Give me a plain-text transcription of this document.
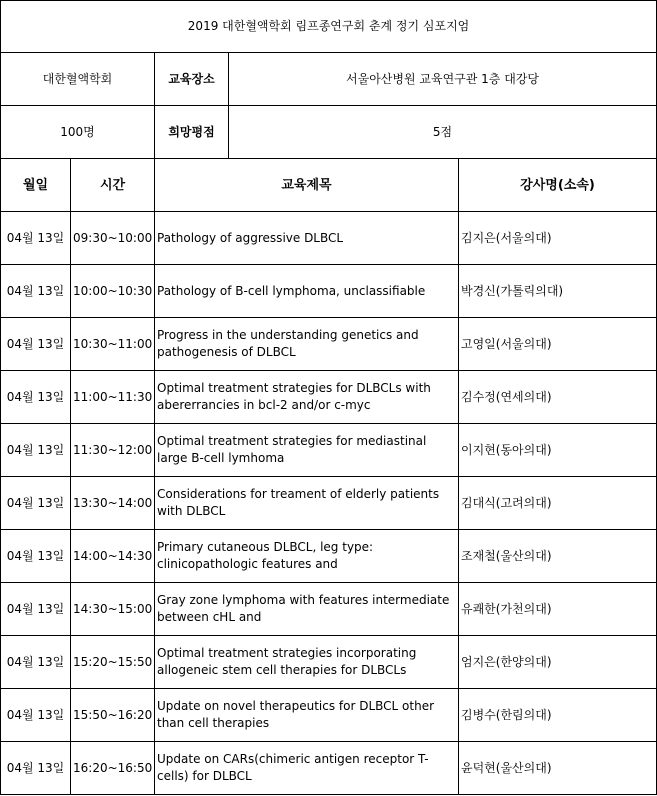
2019 대한혈액학회 림프종연구회 춘계 정기 심포지엄				
대한혈액학회		교육장소	서울아산병원 교육연구관 1층 대강당	
100명		희망평점	5점	
월일	시간	교육제목		강사명(소속)
04월 13일	09:30~10:00	Pathology of aggressive DLBCL		김지은(서울의대)
04월 13일	10:00~10:30	Pathology of B-cell lymphoma, unclassifiable		박경신(가톨릭의대)
04월 13일	10:30~11:00	Progress in the understanding genetics and pathogenesis of DLBCL		고영일(서울의대)
04월 13일	11:00~11:30	Optimal treatment strategies for DLBCLs with abererrancies in bcl-2 and/or c-myc		김수정(연세의대)
04월 13일	11:30~12:00	Optimal treatment strategies for mediastinal large B-cell lymhoma		이지현(동아의대)
04월 13일	13:30~14:00	Considerations for treament of elderly patients with DLBCL		김대식(고려의대)
04월 13일	14:00~14:30	Primary cutaneous DLBCL, leg type: clinicopathologic features and		조재철(울산의대)
04월 13일	14:30~15:00	Gray zone lymphoma with features intermediate between cHL and		유쾌한(가천의대)
04월 13일	15:20~15:50	Optimal treatment strategies incorporating allogeneic stem cell therapies for DLBCLs		엄지은(한양의대)
04월 13일	15:50~16:20	Update on novel therapeutics for DLBCL other than cell therapies		김병수(한림의대)
04월 13일	16:20~16:50	Update on CARs(chimeric antigen receptor T-cells) for DLBCL		윤덕현(울산의대)
